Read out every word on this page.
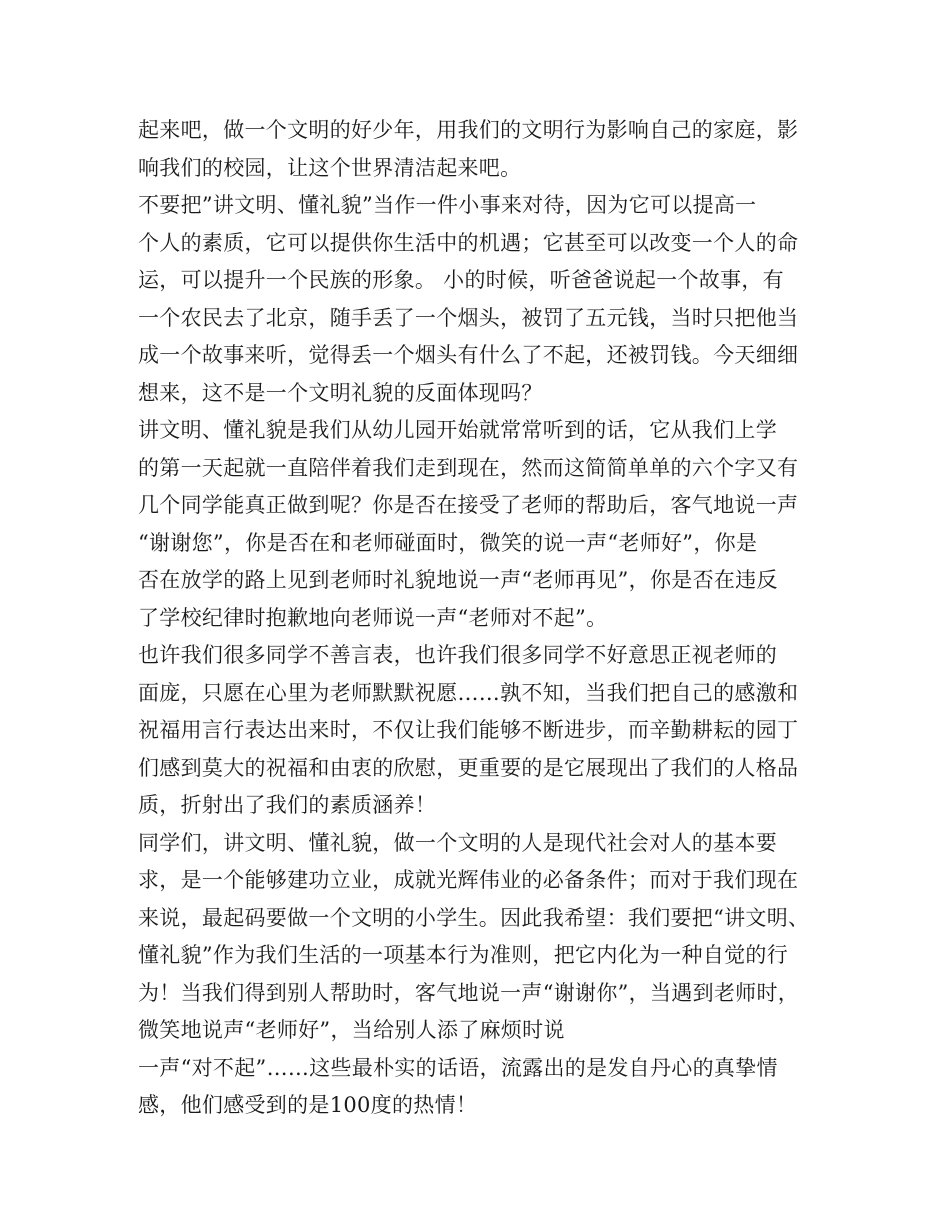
起来吧，做一个文明的好少年，用我们的文明行为影响自己的家庭，影
响我们的校园，让这个世界清洁起来吧。
不要把”讲文明、懂礼貌”当作一件小事来对待，因为它可以提高一
个人的素质，它可以提供你生活中的机遇；它甚至可以改变一个人的命
运，可以提升一个民族的形象。 小的时候，听爸爸说起一个故事，有
一个农民去了北京，随手丢了一个烟头，被罚了五元钱，当时只把他当
成一个故事来听，觉得丢一个烟头有什么了不起，还被罚钱。今天细细
想来，这不是一个文明礼貌的反面体现吗？
讲文明、懂礼貌是我们从幼儿园开始就常常听到的话，它从我们上学
的第一天起就一直陪伴着我们走到现在，然而这简简单单的六个字又有
几个同学能真正做到呢？你是否在接受了老师的帮助后，客气地说一声
“谢谢您”，你是否在和老师碰面时，微笑的说一声“老师好”，你是
否在放学的路上见到老师时礼貌地说一声“老师再见”，你是否在违反
了学校纪律时抱歉地向老师说一声“老师对不起”。
也许我们很多同学不善言表，也许我们很多同学不好意思正视老师的
面庞，只愿在心里为老师默默祝愿……孰不知，当我们把自己的感激和
祝福用言行表达出来时，不仅让我们能够不断进步，而辛勤耕耘的园丁
们感到莫大的祝福和由衷的欣慰，更重要的是它展现出了我们的人格品
质，折射出了我们的素质涵养！
同学们，讲文明、懂礼貌，做一个文明的人是现代社会对人的基本要
求，是一个能够建功立业，成就光辉伟业的必备条件；而对于我们现在
来说，最起码要做一个文明的小学生。因此我希望：我们要把“讲文明、
懂礼貌”作为我们生活的一项基本行为准则，把它内化为一种自觉的行
为！当我们得到别人帮助时，客气地说一声“谢谢你”，当遇到老师时，
微笑地说声“老师好”，当给别人添了麻烦时说
一声“对不起”……这些最朴实的话语，流露出的是发自丹心的真挚情
感，他们感受到的是100度的热情！
